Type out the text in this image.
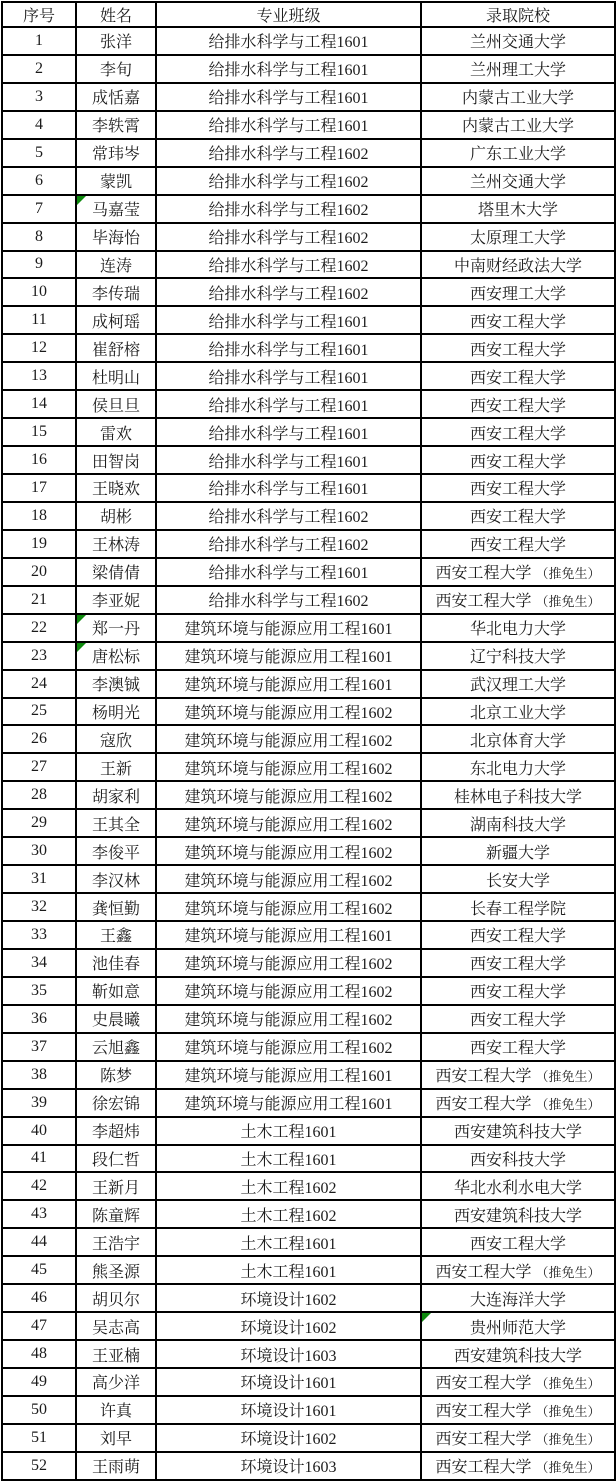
序号	姓名	专业班级	录取院校
1	张洋	给排水科学与工程1601	兰州交通大学
2	李旬	给排水科学与工程1601	兰州理工大学
3	成恬嘉	给排水科学与工程1601	内蒙古工业大学
4	李轶霄	给排水科学与工程1601	内蒙古工业大学
5	常玮岑	给排水科学与工程1602	广东工业大学
6	蒙凯	给排水科学与工程1602	兰州交通大学
7	马嘉莹	给排水科学与工程1602	塔里木大学
8	毕海怡	给排水科学与工程1602	太原理工大学
9	连涛	给排水科学与工程1602	中南财经政法大学
10	李传瑞	给排水科学与工程1602	西安理工大学
11	成柯瑶	给排水科学与工程1601	西安工程大学
12	崔舒榕	给排水科学与工程1601	西安工程大学
13	杜明山	给排水科学与工程1601	西安工程大学
14	侯旦旦	给排水科学与工程1601	西安工程大学
15	雷欢	给排水科学与工程1601	西安工程大学
16	田智岗	给排水科学与工程1601	西安工程大学
17	王晓欢	给排水科学与工程1601	西安工程大学
18	胡彬	给排水科学与工程1602	西安工程大学
19	王林涛	给排水科学与工程1602	西安工程大学
20	梁倩倩	给排水科学与工程1601	西安工程大学 （推免生）
21	李亚妮	给排水科学与工程1602	西安工程大学 （推免生）
22	郑一丹	建筑环境与能源应用工程1601	华北电力大学
23	唐松标	建筑环境与能源应用工程1601	辽宁科技大学
24	李澳铖	建筑环境与能源应用工程1601	武汉理工大学
25	杨明光	建筑环境与能源应用工程1602	北京工业大学
26	寇欣	建筑环境与能源应用工程1602	北京体育大学
27	王新	建筑环境与能源应用工程1602	东北电力大学
28	胡家利	建筑环境与能源应用工程1602	桂林电子科技大学
29	王其全	建筑环境与能源应用工程1602	湖南科技大学
30	李俊平	建筑环境与能源应用工程1602	新疆大学
31	李汉林	建筑环境与能源应用工程1602	长安大学
32	龚恒勤	建筑环境与能源应用工程1602	长春工程学院
33	王鑫	建筑环境与能源应用工程1601	西安工程大学
34	池佳春	建筑环境与能源应用工程1602	西安工程大学
35	靳如意	建筑环境与能源应用工程1602	西安工程大学
36	史晨曦	建筑环境与能源应用工程1602	西安工程大学
37	云旭鑫	建筑环境与能源应用工程1602	西安工程大学
38	陈梦	建筑环境与能源应用工程1601	西安工程大学 （推免生）
39	徐宏锦	建筑环境与能源应用工程1601	西安工程大学 （推免生）
40	李超炜	土木工程1601	西安建筑科技大学
41	段仁哲	土木工程1601	西安科技大学
42	王新月	土木工程1602	华北水利水电大学
43	陈童辉	土木工程1602	西安建筑科技大学
44	王浩宇	土木工程1601	西安工程大学
45	熊圣源	土木工程1601	西安工程大学 （推免生）
46	胡贝尔	环境设计1602	大连海洋大学
47	吴志高	环境设计1602	贵州师范大学
48	王亚楠	环境设计1603	西安建筑科技大学
49	高少洋	环境设计1601	西安工程大学 （推免生）
50	许真	环境设计1601	西安工程大学 （推免生）
51	刘早	环境设计1602	西安工程大学 （推免生）
52	王雨萌	环境设计1603	西安工程大学 （推免生）
